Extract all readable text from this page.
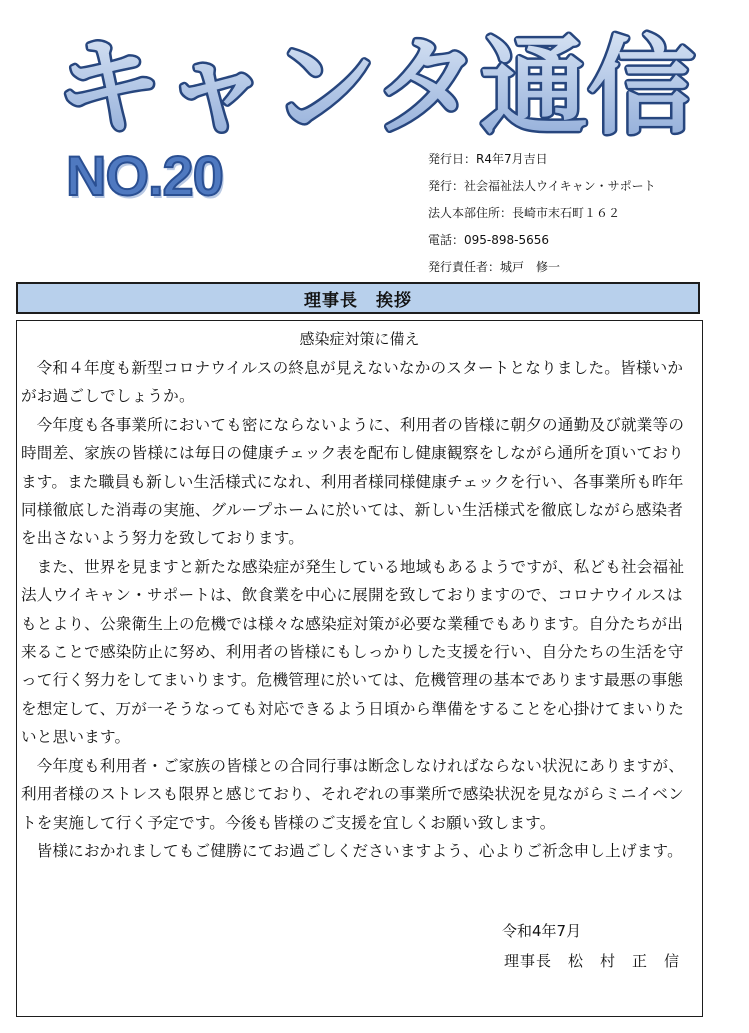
キャンタ通信
NO.20	発行日：R4年7月吉日
発行：社会福祉法人ウイキャン・サポート
法人本部住所：長崎市末石町１６２
電話：095-898-5656
発行責任者：城戸　修一
理事長　挨拶
感染症対策に備え

令和４年度も新型コロナウイルスの終息が見えないなかのスタートとなりました。皆様いかがお過ごしでしょうか。

今年度も各事業所においても密にならないように、利用者の皆様に朝夕の通勤及び就業等の時間差、家族の皆様には毎日の健康チェック表を配布し健康観察をしながら通所を頂いております。また職員も新しい生活様式になれ、利用者様同様健康チェックを行い、各事業所も昨年同様徹底した消毒の実施、グループホームに於いては、新しい生活様式を徹底しながら感染者を出さないよう努力を致しております。

また、世界を見ますと新たな感染症が発生している地域もあるようですが、私ども社会福祉法人ウイキャン・サポートは、飲食業を中心に展開を致しておりますので、コロナウイルスはもとより、公衆衛生上の危機では様々な感染症対策が必要な業種でもあります。自分たちが出来ることで感染防止に努め、利用者の皆様にもしっかりした支援を行い、自分たちの生活を守って行く努力をしてまいります。危機管理に於いては、危機管理の基本であります最悪の事態を想定して、万が一そうなっても対応できるよう日頃から準備をすることを心掛けてまいりたいと思います。

今年度も利用者・ご家族の皆様との合同行事は断念しなければならない状況にありますが、利用者様のストレスも限界と感じており、それぞれの事業所で感染状況を見ながらミニイベントを実施して行く予定です。今後も皆様のご支援を宜しくお願い致します。

皆様におかれましてもご健勝にてお過ごしくださいますよう、心よりご祈念申し上げます。

令和4年7月
理事長　松　村　正　信
